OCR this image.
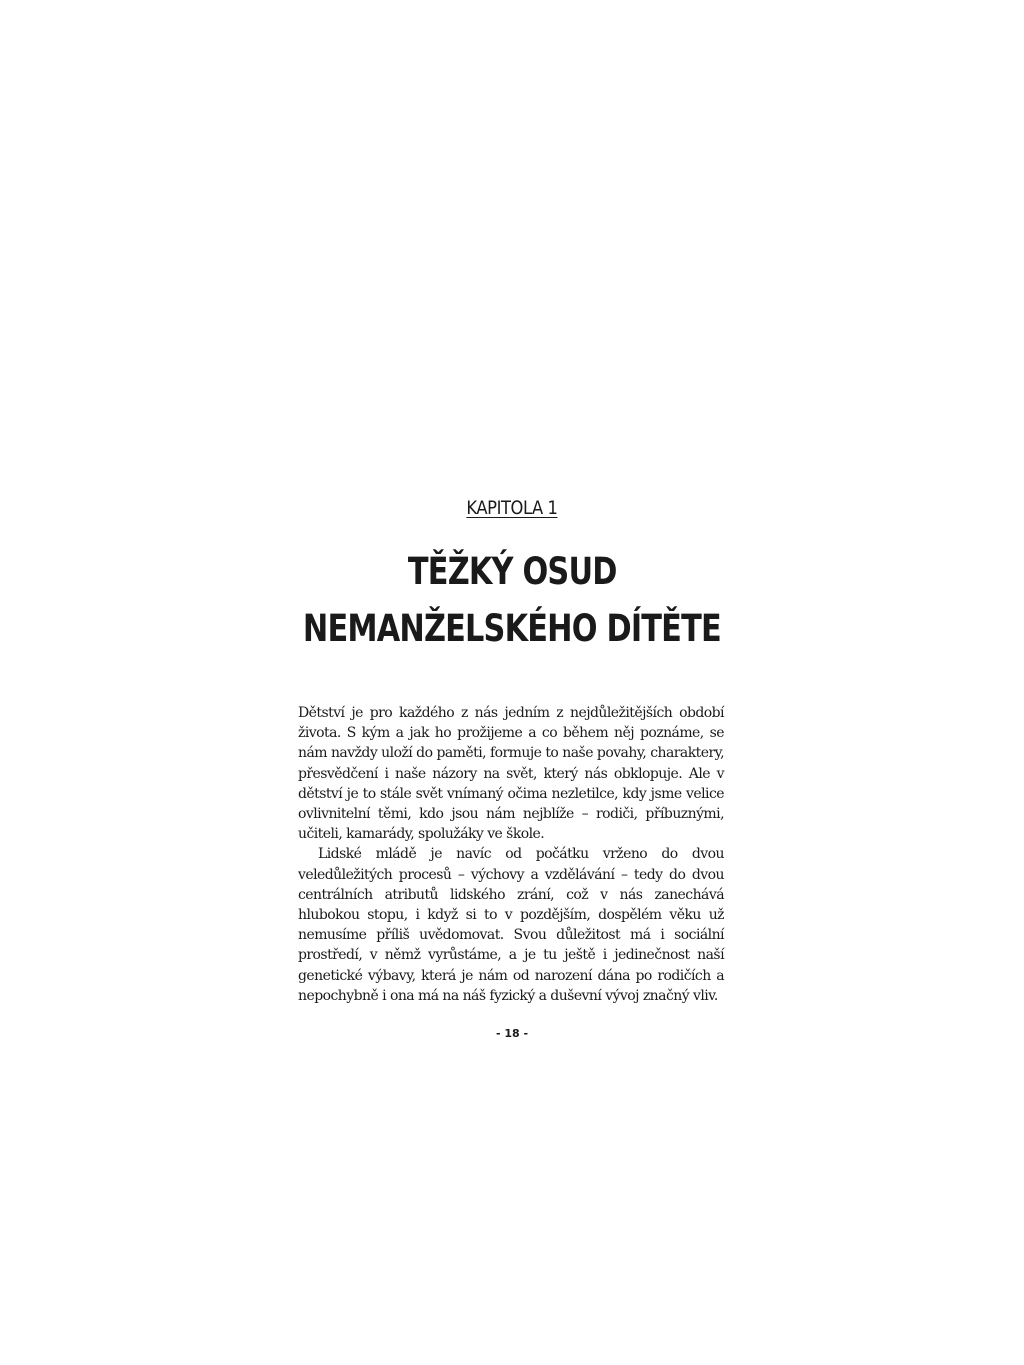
KAPITOLA 1
TĚŽKÝ OSUD
NEMANŽELSKÉHO DÍTĚTE

Dětství je pro každého z nás jedním z nejdůležitějších období života. S kým a jak ho prožijeme a co během něj poznáme, se nám navždy uloží do paměti, formuje to naše povahy, charaktery, přesvědčení i naše názory na svět, který nás obklopuje. Ale v dětství je to stále svět vnímaný očima nezletilce, kdy jsme velice ovlivnitelní těmi, kdo jsou nám nejblíže – rodiči, příbuznými, učiteli, kamarády, spolužáky ve škole.

Lidské mládě je navíc od počátku vrženo do dvou veledůležitých procesů – výchovy a vzdělávání – tedy do dvou centrálních atributů lidského zrání, což v nás zanechává hlubokou stopu, i když si to v pozdějším, dospělém věku už nemusíme příliš uvědomovat. Svou důležitost má i sociální prostředí, v němž vyrůstáme, a je tu ještě i jedinečnost naší genetické výbavy, která je nám od narození dána po rodičích a nepochybně i ona má na náš fyzický a duševní vývoj značný vliv.

- 18 -
